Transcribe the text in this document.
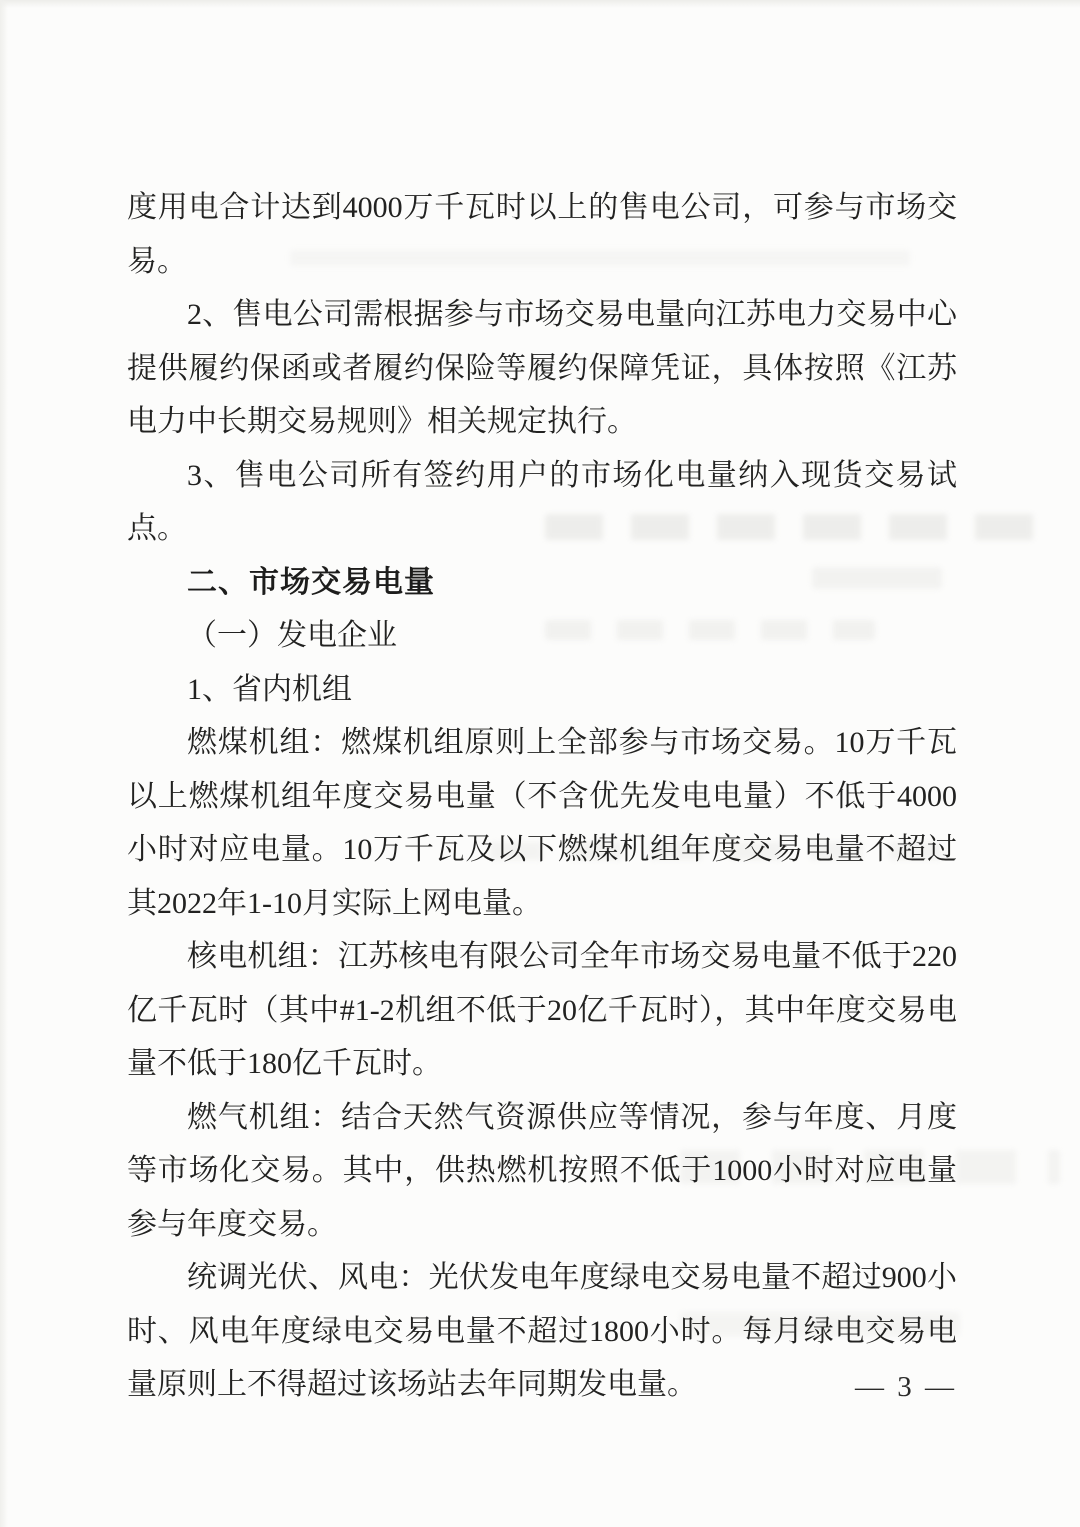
度用电合计达到4000万千瓦时以上的售电公司，可参与市场交易。

2、售电公司需根据参与市场交易电量向江苏电力交易中心提供履约保函或者履约保险等履约保障凭证，具体按照《江苏电力中长期交易规则》相关规定执行。

3、售电公司所有签约用户的市场化电量纳入现货交易试点。

二、市场交易电量

（一）发电企业

1、省内机组

燃煤机组：燃煤机组原则上全部参与市场交易。10万千瓦以上燃煤机组年度交易电量（不含优先发电电量）不低于4000小时对应电量。10万千瓦及以下燃煤机组年度交易电量不超过其2022年1-10月实际上网电量。

核电机组：江苏核电有限公司全年市场交易电量不低于220亿千瓦时（其中#1-2机组不低于20亿千瓦时），其中年度交易电量不低于180亿千瓦时。

燃气机组：结合天然气资源供应等情况，参与年度、月度等市场化交易。其中，供热燃机按照不低于1000小时对应电量参与年度交易。

统调光伏、风电：光伏发电年度绿电交易电量不超过900小时、风电年度绿电交易电量不超过1800小时。每月绿电交易电量原则上不得超过该场站去年同期发电量。	— 3 —
